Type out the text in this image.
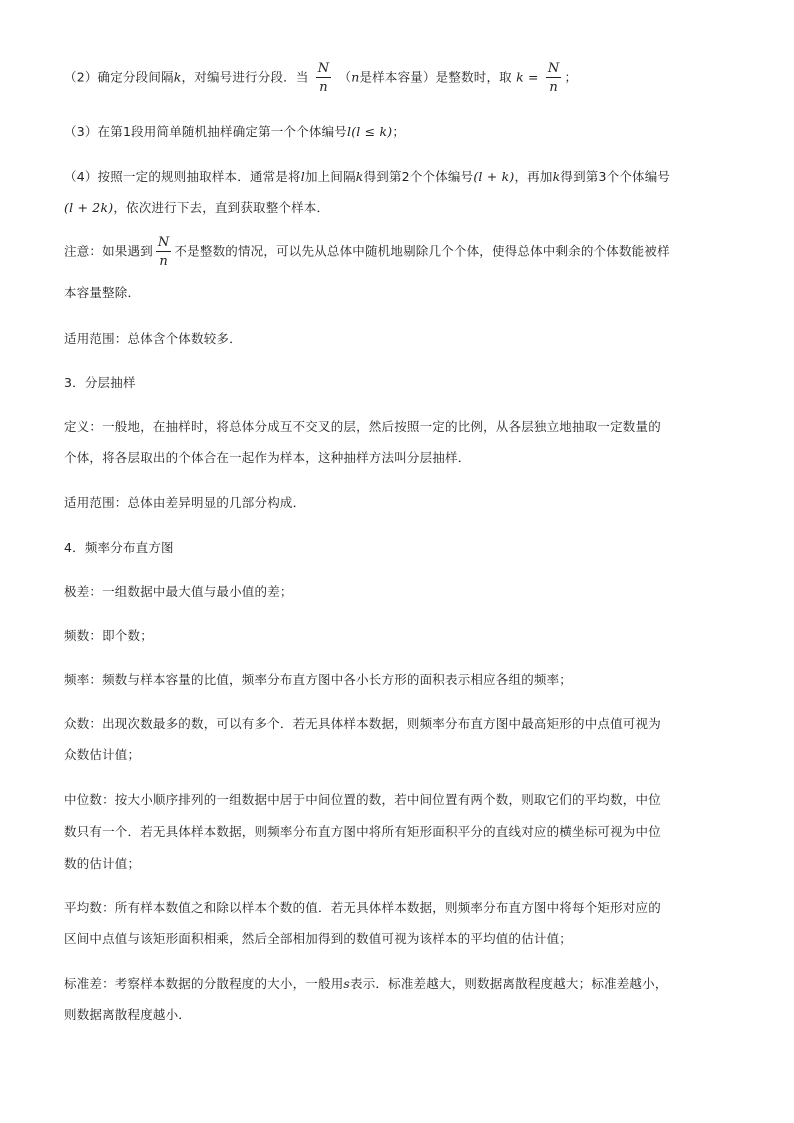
（2）确定分段间隔k，对编号进行分段．当 $\frac{N}{n} (n$是样本容量）是整数时，取 $k = \frac{N}{n}$ ；
（3）在第1段用简单随机抽样确定第一个个体编号l(l ≤ k)；
（4）按照一定的规则抽取样本．通常是将l加上间隔k得到第2个个体编号(l + k)，再加k得到第3个个体编号
(l + 2k)，依次进行下去，直到获取整个样本．
注意：如果遇到 $\frac{N}{n}$ 不是整数的情况，可以先从总体中随机地剔除几个个体，使得总体中剩余的个体数能被样
本容量整除．
适用范围：总体含个体数较多．
3．分层抽样
定义：一般地，在抽样时，将总体分成互不交叉的层，然后按照一定的比例，从各层独立地抽取一定数量的
个体，将各层取出的个体合在一起作为样本，这种抽样方法叫分层抽样．
适用范围：总体由差异明显的几部分构成．
4．频率分布直方图
极差：一组数据中最大值与最小值的差；
频数：即个数；
频率：频数与样本容量的比值，频率分布直方图中各小长方形的面积表示相应各组的频率；
众数：出现次数最多的数，可以有多个．若无具体样本数据，则频率分布直方图中最高矩形的中点值可视为
众数估计值；
中位数：按大小顺序排列的一组数据中居于中间位置的数，若中间位置有两个数，则取它们的平均数，中位
数只有一个．若无具体样本数据，则频率分布直方图中将所有矩形面积平分的直线对应的横坐标可视为中位
数的估计值；
平均数：所有样本数值之和除以样本个数的值．若无具体样本数据，则频率分布直方图中将每个矩形对应的
区间中点值与该矩形面积相乘，然后全部相加得到的数值可视为该样本的平均值的估计值；
标准差：考察样本数据的分散程度的大小，一般用s表示．标准差越大，则数据离散程度越大；标准差越小，
则数据离散程度越小．
